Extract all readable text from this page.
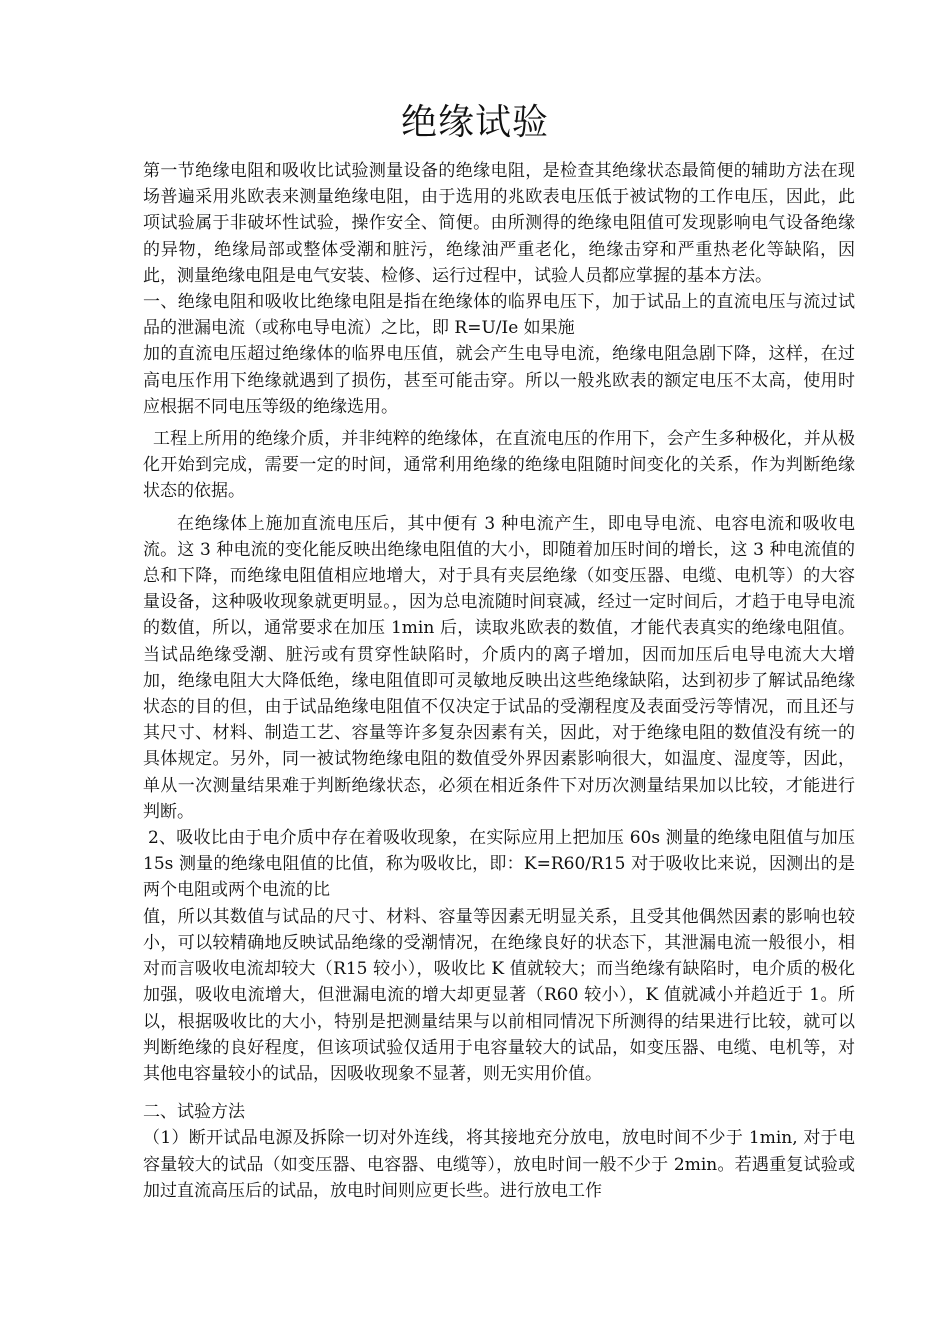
绝缘试验

第一节绝缘电阻和吸收比试验测量设备的绝缘电阻，是检查其绝缘状态最简便的辅助方法在现场普遍采用兆欧表来测量绝缘电阻，由于选用的兆欧表电压低于被试物的工作电压，因此，此项试验属于非破坏性试验，操作安全、简便。由所测得的绝缘电阻值可发现影响电气设备绝缘的异物，绝缘局部或整体受潮和脏污，绝缘油严重老化，绝缘击穿和严重热老化等缺陷，因此，测量绝缘电阻是电气安装、检修、运行过程中，试验人员都应掌握的基本方法。

一、绝缘电阻和吸收比绝缘电阻是指在绝缘体的临界电压下，加于试品上的直流电压与流过试品的泄漏电流（或称电导电流）之比，即 R=U/Ie 如果施

加的直流电压超过绝缘体的临界电压值，就会产生电导电流，绝缘电阻急剧下降，这样，在过高电压作用下绝缘就遇到了损伤，甚至可能击穿。所以一般兆欧表的额定电压不太高，使用时应根据不同电压等级的绝缘选用。

工程上所用的绝缘介质，并非纯粹的绝缘体，在直流电压的作用下，会产生多种极化，并从极化开始到完成，需要一定的时间，通常利用绝缘的绝缘电阻随时间变化的关系，作为判断绝缘状态的依据。

在绝缘体上施加直流电压后，其中便有 3 种电流产生，即电导电流、电容电流和吸收电流。这 3 种电流的变化能反映出绝缘电阻值的大小，即随着加压时间的增长，这 3 种电流值的总和下降，而绝缘电阻值相应地增大，对于具有夹层绝缘（如变压器、电缆、电机等）的大容量设备，这种吸收现象就更明显。，因为总电流随时间衰减，经过一定时间后，才趋于电导电流的数值，所以，通常要求在加压 1min 后，读取兆欧表的数值，才能代表真实的绝缘电阻值。当试品绝缘受潮、脏污或有贯穿性缺陷时，介质内的离子增加，因而加压后电导电流大大增加，绝缘电阻大大降低绝，缘电阻值即可灵敏地反映出这些绝缘缺陷，达到初步了解试品绝缘状态的目的但，由于试品绝缘电阻值不仅决定于试品的受潮程度及表面受污等情况，而且还与其尺寸、材料、制造工艺、容量等许多复杂因素有关，因此，对于绝缘电阻的数值没有统一的具体规定。另外，同一被试物绝缘电阻的数值受外界因素影响很大，如温度、湿度等，因此，单从一次测量结果难于判断绝缘状态，必须在相近条件下对历次测量结果加以比较，才能进行判断。

2、吸收比由于电介质中存在着吸收现象，在实际应用上把加压 60s 测量的绝缘电阻值与加压 15s 测量的绝缘电阻值的比值，称为吸收比，即：K=R60/R15 对于吸收比来说，因测出的是两个电阻或两个电流的比

值，所以其数值与试品的尺寸、材料、容量等因素无明显关系，且受其他偶然因素的影响也较小，可以较精确地反映试品绝缘的受潮情况，在绝缘良好的状态下，其泄漏电流一般很小，相对而言吸收电流却较大（R15 较小），吸收比 K 值就较大；而当绝缘有缺陷时，电介质的极化加强，吸收电流增大，但泄漏电流的增大却更显著（R60 较小），K 值就减小并趋近于 1。所以，根据吸收比的大小，特别是把测量结果与以前相同情况下所测得的结果进行比较，就可以判断绝缘的良好程度，但该项试验仅适用于电容量较大的试品，如变压器、电缆、电机等，对其他电容量较小的试品，因吸收现象不显著，则无实用价值。

二、试验方法

（1）断开试品电源及拆除一切对外连线，将其接地充分放电，放电时间不少于 1min, 对于电容量较大的试品（如变压器、电容器、电缆等），放电时间一般不少于 2min。若遇重复试验或加过直流高压后的试品，放电时间则应更长些。进行放电工作
